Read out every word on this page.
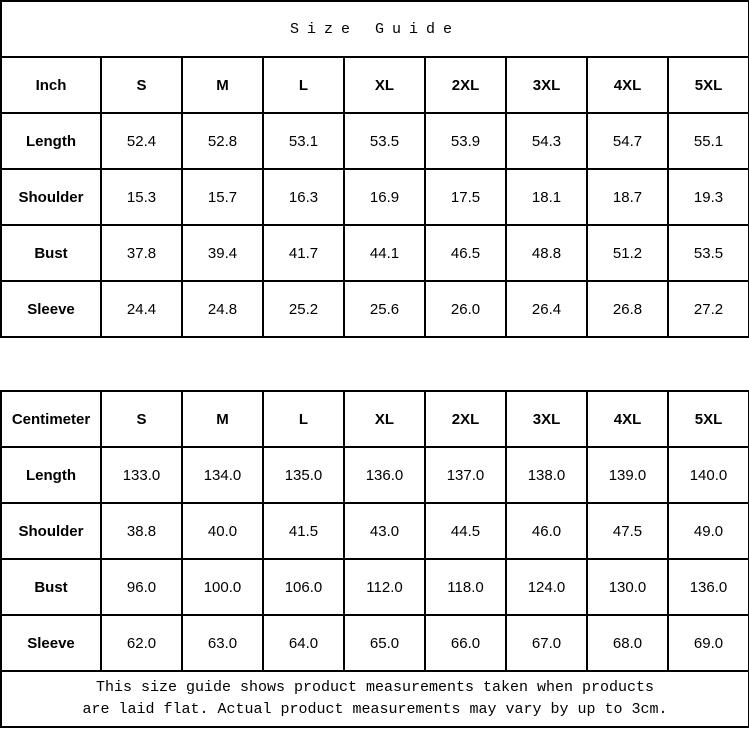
Size Guide								
Inch	S	M	L	XL	2XL	3XL	4XL	5XL
Length	52.4	52.8	53.1	53.5	53.9	54.3	54.7	55.1
Shoulder	15.3	15.7	16.3	16.9	17.5	18.1	18.7	19.3
Bust	37.8	39.4	41.7	44.1	46.5	48.8	51.2	53.5
Sleeve	24.4	24.8	25.2	25.6	26.0	26.4	26.8	27.2
Centimeter	S	M	L	XL	2XL	3XL	4XL	5XL
Length	133.0	134.0	135.0	136.0	137.0	138.0	139.0	140.0
Shoulder	38.8	40.0	41.5	43.0	44.5	46.0	47.5	49.0
Bust	96.0	100.0	106.0	112.0	118.0	124.0	130.0	136.0
Sleeve	62.0	63.0	64.0	65.0	66.0	67.0	68.0	69.0

This size guide shows product measurements taken when products
are laid flat. Actual product measurements may vary by up to 3cm.								
